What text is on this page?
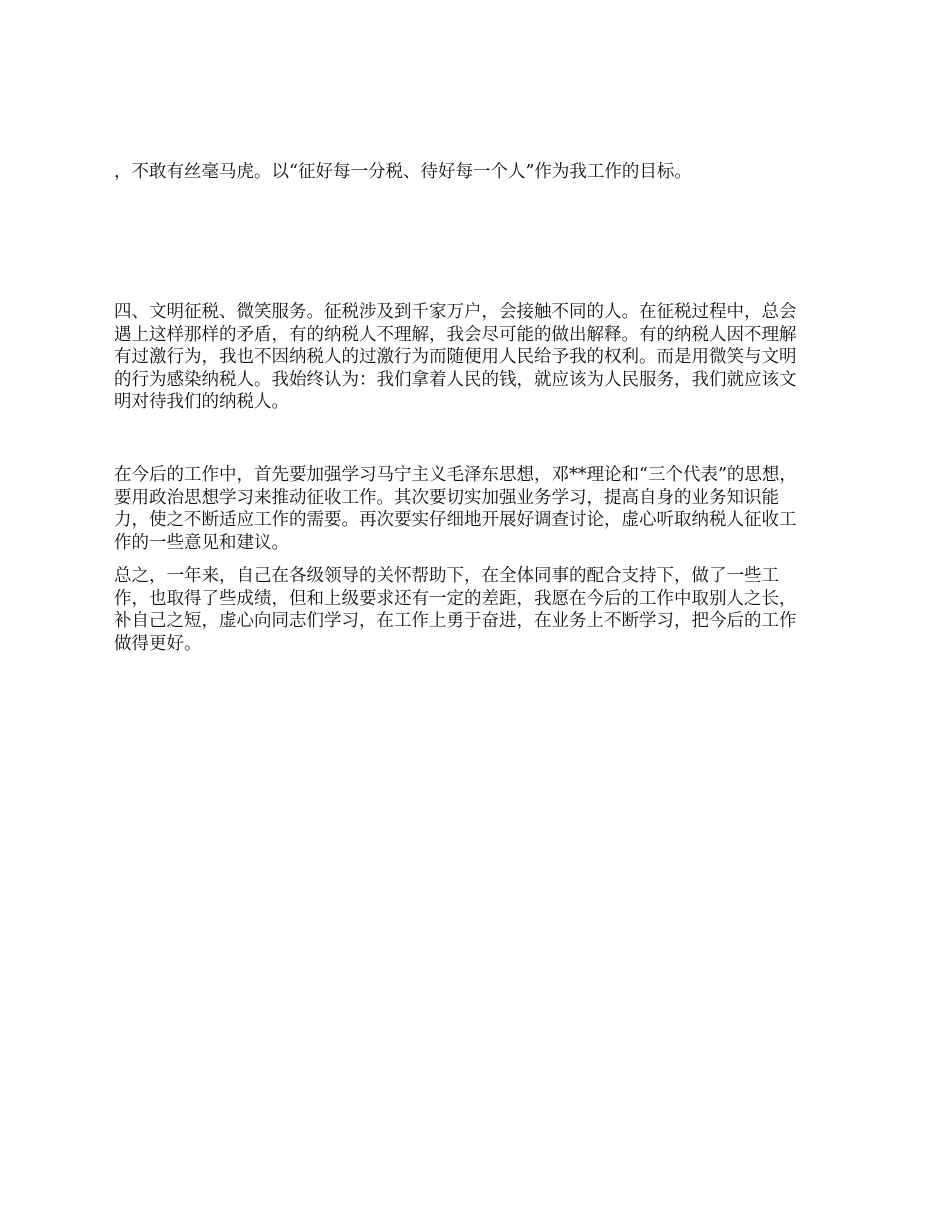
，不敢有丝毫马虎。以“征好每一分税、待好每一个人”作为我工作的目标。

四、文明征税、微笑服务。征税涉及到千家万户，会接触不同的人。在征税过程中，总会
遇上这样那样的矛盾，有的纳税人不理解，我会尽可能的做出解释。有的纳税人因不理解
有过激行为，我也不因纳税人的过激行为而随便用人民给予我的权利。而是用微笑与文明
的行为感染纳税人。我始终认为：我们拿着人民的钱，就应该为人民服务，我们就应该文
明对待我们的纳税人。

在今后的工作中，首先要加强学习马宁主义毛泽东思想，邓**理论和“三个代表”的思想，
要用政治思想学习来推动征收工作。其次要切实加强业务学习，提高自身的业务知识能
力，使之不断适应工作的需要。再次要实仔细地开展好调查讨论，虚心听取纳税人征收工
作的一些意见和建议。

总之，一年来，自己在各级领导的关怀帮助下，在全体同事的配合支持下，做了一些工
作，也取得了些成绩，但和上级要求还有一定的差距，我愿在今后的工作中取别人之长，
补自己之短，虚心向同志们学习，在工作上勇于奋进，在业务上不断学习，把今后的工作
做得更好。
